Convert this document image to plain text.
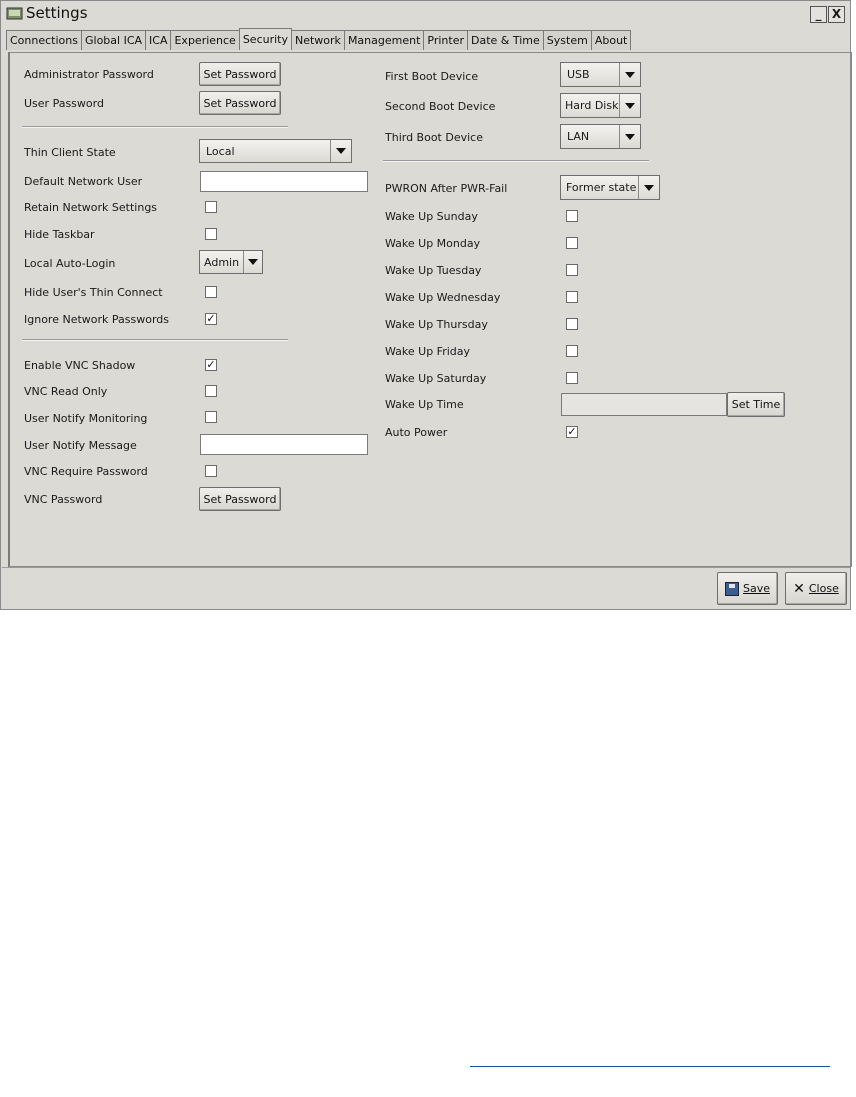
Settings	_ X
Connections Global ICA ICA Experience Security Network Management Printer Date & Time System About
Administrator Password	Set Password
User Password	Set Password
Thin Client State	Local
Default Network User
Retain Network Settings
Hide Taskbar
Local Auto-Login	Admin
Hide User's Thin Connect
Ignore Network Passwords	✓
Enable VNC Shadow	✓
VNC Read Only
User Notify Monitoring
User Notify Message
VNC Require Password
VNC Password	Set Password
First Boot Device	USB
Second Boot Device	Hard Disk
Third Boot Device	LAN
PWRON After PWR-Fail	Former state
Wake Up Sunday
Wake Up Monday
Wake Up Tuesday
Wake Up Wednesday
Wake Up Thursday
Wake Up Friday
Wake Up Saturday
Wake Up Time	Set Time
Auto Power	✓
Save ✕ Close
